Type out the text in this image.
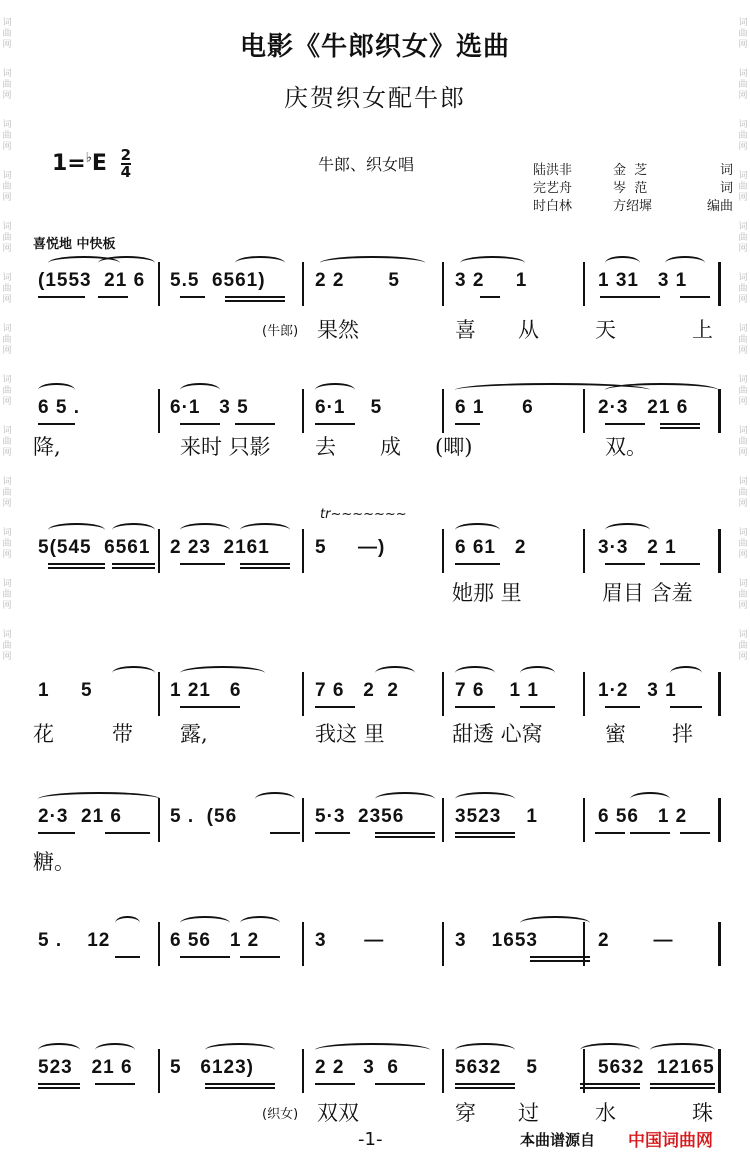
词
曲
网
词
曲
网
词
曲
网
词
曲
网
词
曲
网
词
曲
网
词
曲
网
词
曲
网
词
曲
网
词
曲
网
词
曲
网
词
曲
网
词
曲
网
词
曲
网
词
曲
网
词
曲
网
词
曲
网
词
曲
网
词
曲
网
词
曲
网
词
曲
网
词
曲
网
词
曲
网
词
曲
网
词
曲
网
词
曲
网
电影《牛郎织女》选曲
庆贺织女配牛郎
$1=^♭E \frac{2}{4}$	牛郎、织女唱	陆洪非	金  芝	词
完艺舟	岑  范	词
时白林	方绍墀	编曲
喜悦地 中快板
(1553  21 6 5.5  6561)	2 2       5	3 2     1	1 31   3 1
(牛郎) 果然	喜 从	天	上
6 5 .	6·1   3 5	6·1    5	6 1      6	2·3   21 6
降,	来时 只影 去 成 (唧)	双。
5(545  6561 2 23  2161 5     —)	6 61   2	3·3   2 1
tr~~~~~~~
她那 里	眉目 含羞
1     5	1 21   6	7 6   2  2	7 6    1 1	1·2   3 1
花	带 露,	我这 里	甜透 心窝	蜜 拌
2·3  21 6	5 .  (56	5·3  2356	3523    1	6 56   1 2
糖。
5 .    12	6 56   1 2	3      —	3    1653	2       —
523   21 6 5   6123)	2 2   3  6	5632    5	5632  12165
(织女) 双双	穿 过	水	珠
-1-	本曲谱源自 中国词曲网
